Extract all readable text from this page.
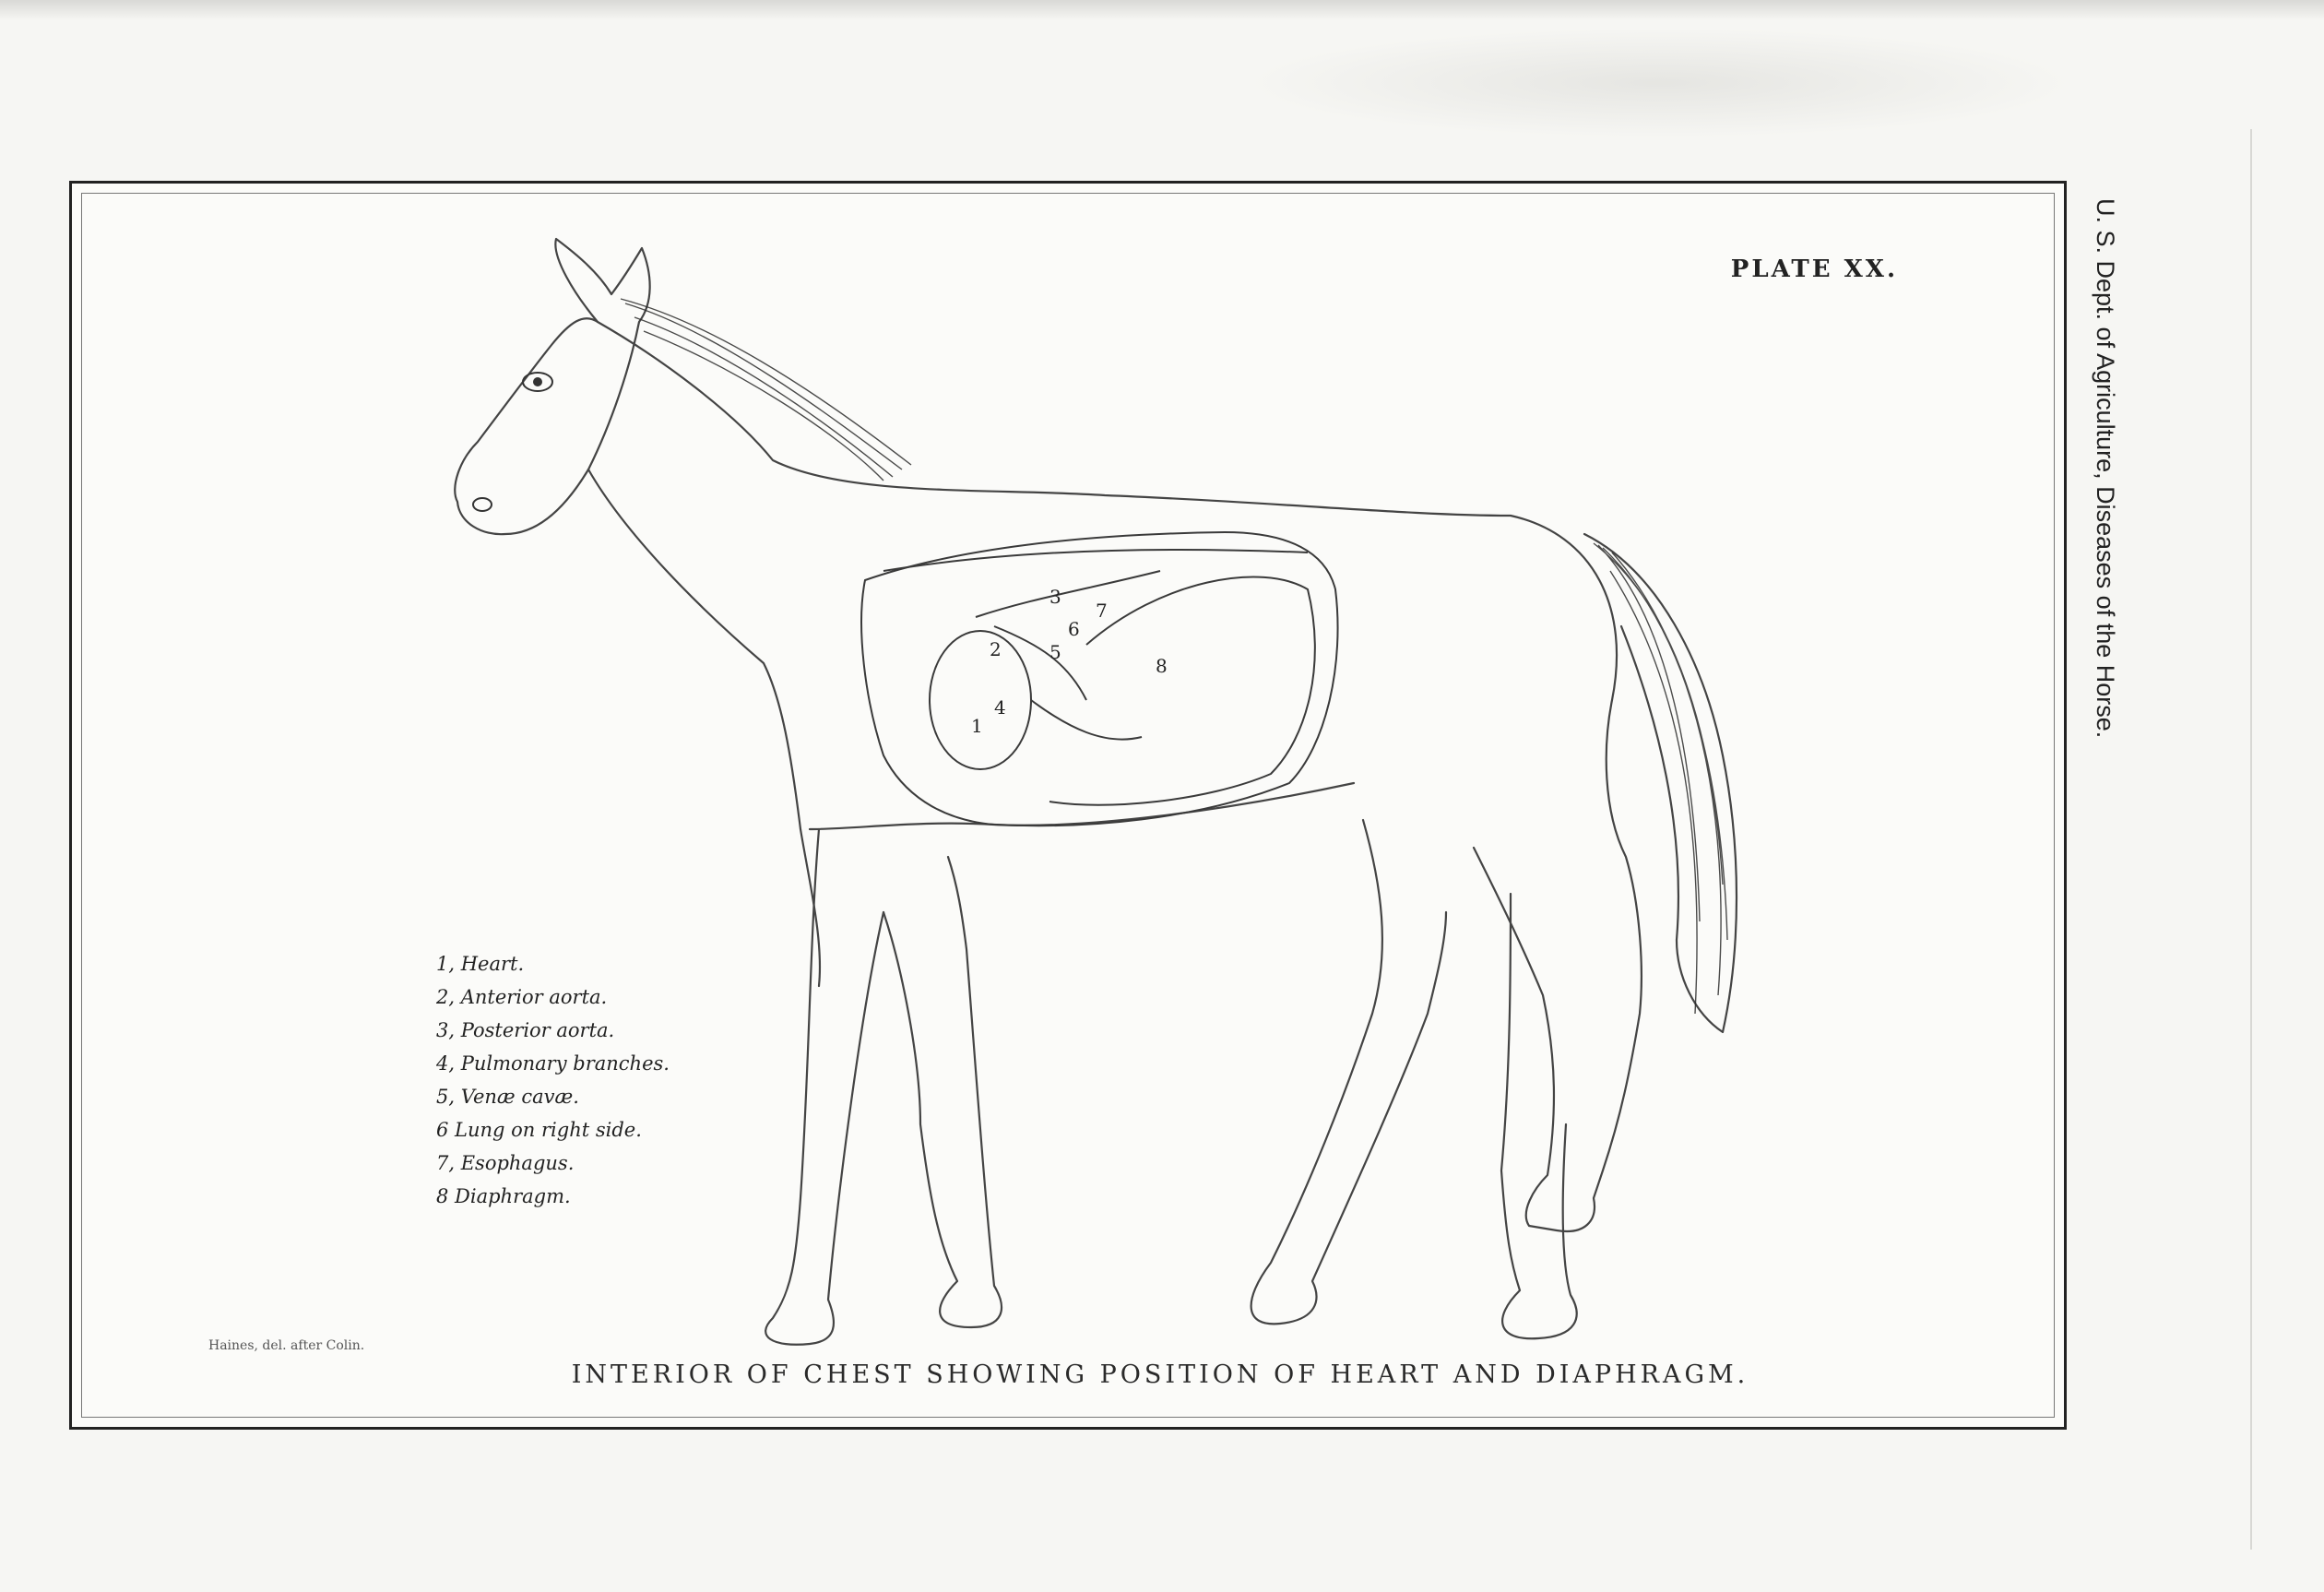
1
2
3
4
5
6
7
8
PLATE XX.
1, Heart.
2, Anterior aorta.
3, Posterior aorta.
4, Pulmonary branches.
5, Venæ cavæ.
6 Lung on right side.
7, Esophagus.
8 Diaphragm.
Haines, del. after Colin.
INTERIOR OF CHEST SHOWING POSITION OF HEART AND DIAPHRAGM.
U. S. Dept. of Agriculture, Diseases of the Horse.
